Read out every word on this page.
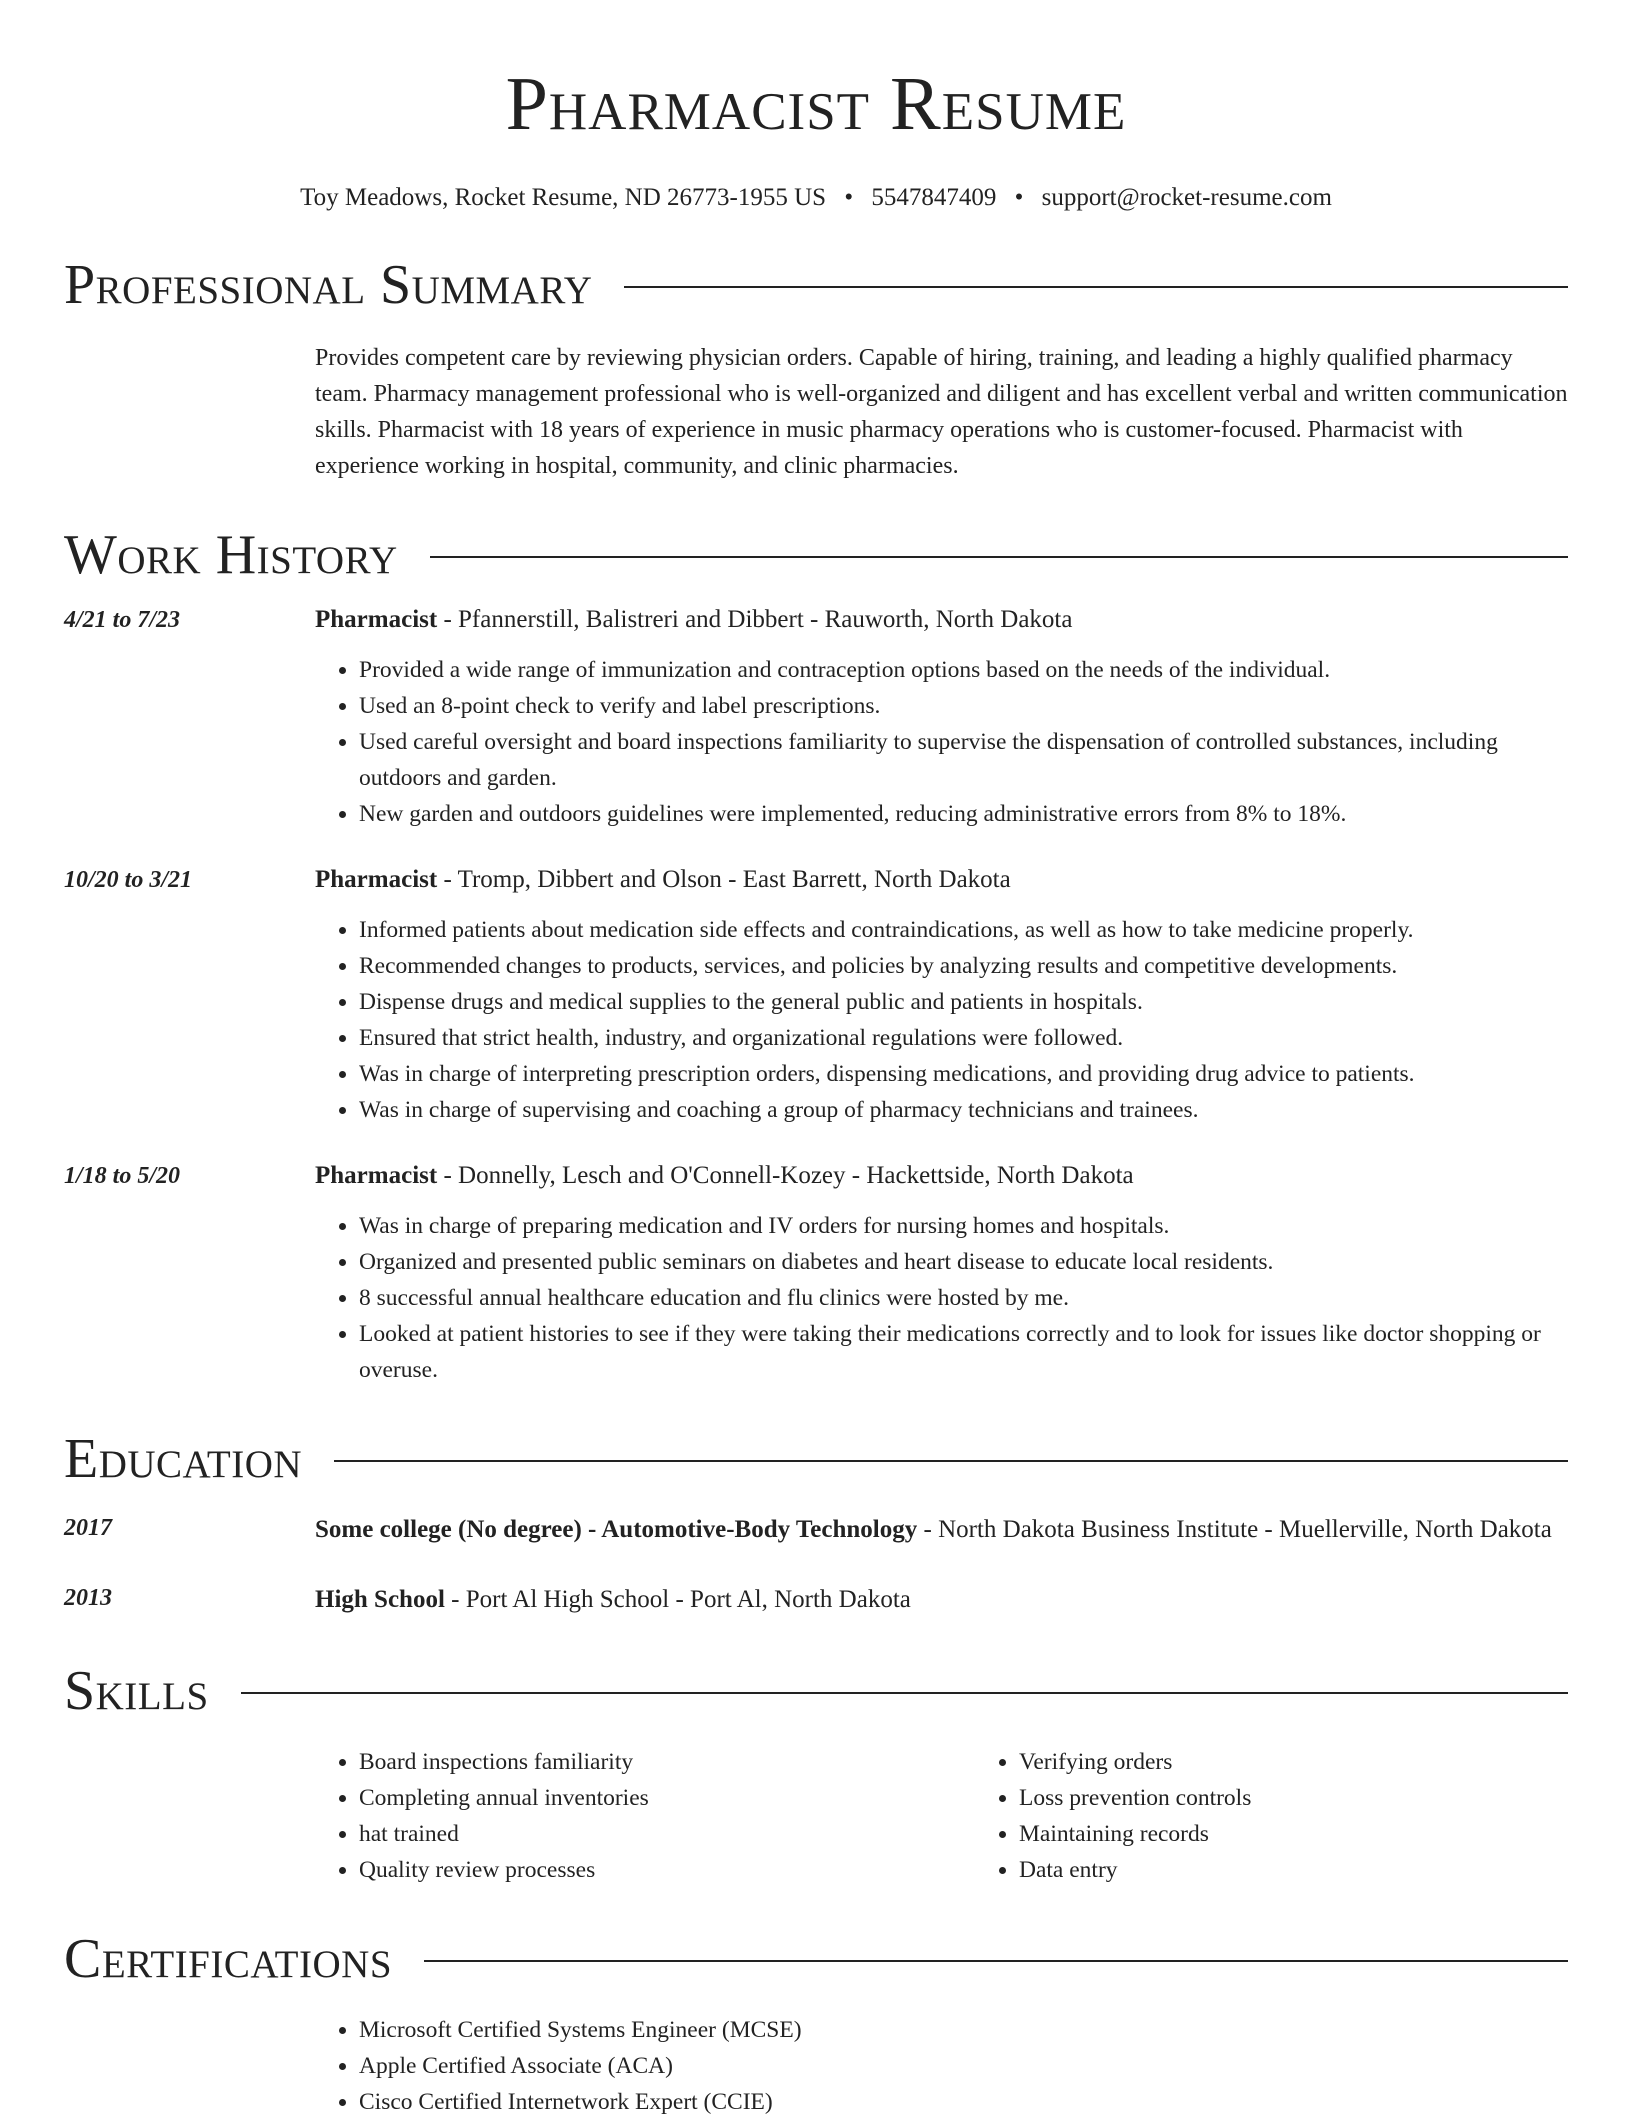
Pharmacist Resume
Toy Meadows, Rocket Resume, ND 26773-1955 US • 5547847409 • support@rocket-resume.com
Professional Summary
Provides competent care by reviewing physician orders. Capable of hiring, training, and leading a highly qualified pharmacy team. Pharmacy management professional who is well-organized and diligent and has excellent verbal and written communication skills. Pharmacist with 18 years of experience in music pharmacy operations who is customer-focused. Pharmacist with experience working in hospital, community, and clinic pharmacies.
Work History
4/21 to 7/23	Pharmacist - Pfannerstill, Balistreri and Dibbert - Rauworth, North Dakota
• Provided a wide range of immunization and contraception options based on the needs of the individual.
• Used an 8-point check to verify and label prescriptions.
• Used careful oversight and board inspections familiarity to supervise the dispensation of controlled substances, including outdoors and garden.
• New garden and outdoors guidelines were implemented, reducing administrative errors from 8% to 18%.
10/20 to 3/21	Pharmacist - Tromp, Dibbert and Olson - East Barrett, North Dakota
• Informed patients about medication side effects and contraindications, as well as how to take medicine properly.
• Recommended changes to products, services, and policies by analyzing results and competitive developments.
• Dispense drugs and medical supplies to the general public and patients in hospitals.
• Ensured that strict health, industry, and organizational regulations were followed.
• Was in charge of interpreting prescription orders, dispensing medications, and providing drug advice to patients.
• Was in charge of supervising and coaching a group of pharmacy technicians and trainees.
1/18 to 5/20	Pharmacist - Donnelly, Lesch and O'Connell-Kozey - Hackettside, North Dakota
• Was in charge of preparing medication and IV orders for nursing homes and hospitals.
• Organized and presented public seminars on diabetes and heart disease to educate local residents.
• 8 successful annual healthcare education and flu clinics were hosted by me.
• Looked at patient histories to see if they were taking their medications correctly and to look for issues like doctor shopping or overuse.
Education
2017	Some college (No degree) - Automotive-Body Technology - North Dakota Business Institute - Muellerville, North Dakota
2013	High School - Port Al High School - Port Al, North Dakota
Skills
• Board inspections familiarity
• Completing annual inventories
• hat trained
• Quality review processes
• Verifying orders
• Loss prevention controls
• Maintaining records
• Data entry
Certifications
• Microsoft Certified Systems Engineer (MCSE)
• Apple Certified Associate (ACA)
• Cisco Certified Internetwork Expert (CCIE)
